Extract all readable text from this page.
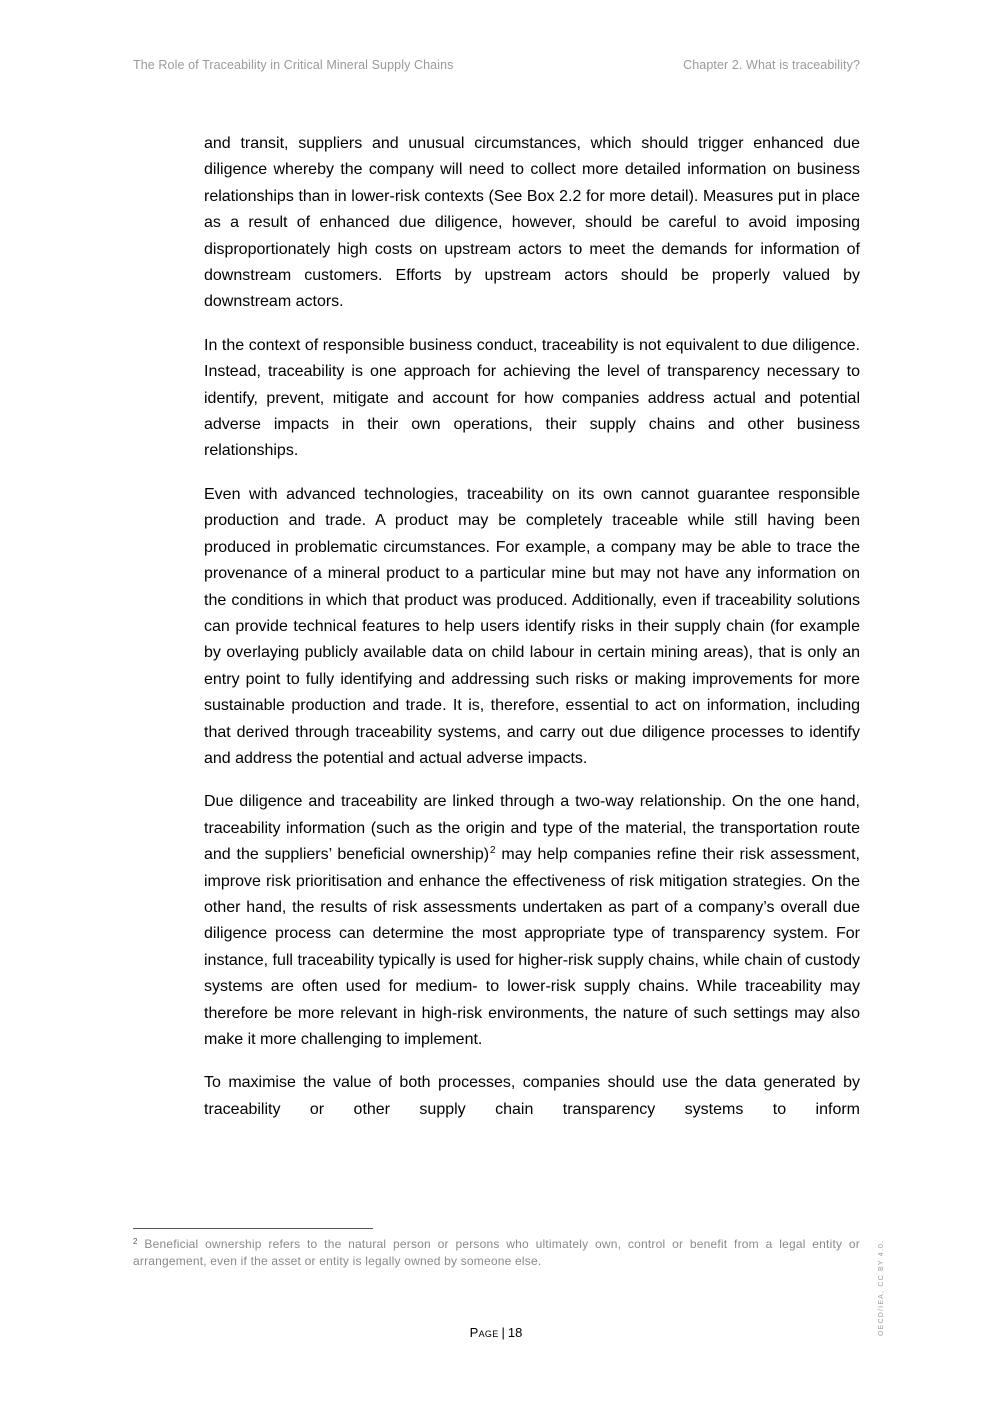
The Role of Traceability in Critical Mineral Supply Chains	Chapter 2. What is traceability?

and transit, suppliers and unusual circumstances, which should trigger enhanced due diligence whereby the company will need to collect more detailed information on business relationships than in lower-risk contexts (See Box 2.2 for more detail). Measures put in place as a result of enhanced due diligence, however, should be careful to avoid imposing disproportionately high costs on upstream actors to meet the demands for information of downstream customers. Efforts by upstream actors should be properly valued by downstream actors.

In the context of responsible business conduct, traceability is not equivalent to due diligence. Instead, traceability is one approach for achieving the level of transparency necessary to identify, prevent, mitigate and account for how companies address actual and potential adverse impacts in their own operations, their supply chains and other business relationships.

Even with advanced technologies, traceability on its own cannot guarantee responsible production and trade. A product may be completely traceable while still having been produced in problematic circumstances. For example, a company may be able to trace the provenance of a mineral product to a particular mine but may not have any information on the conditions in which that product was produced. Additionally, even if traceability solutions can provide technical features to help users identify risks in their supply chain (for example by overlaying publicly available data on child labour in certain mining areas), that is only an entry point to fully identifying and addressing such risks or making improvements for more sustainable production and trade. It is, therefore, essential to act on information, including that derived through traceability systems, and carry out due diligence processes to identify and address the potential and actual adverse impacts.

Due diligence and traceability are linked through a two-way relationship. On the one hand, traceability information (such as the origin and type of the material, the transportation route and the suppliers’ beneficial ownership)$^2$ may help companies refine their risk assessment, improve risk prioritisation and enhance the effectiveness of risk mitigation strategies. On the other hand, the results of risk assessments undertaken as part of a company’s overall due diligence process can determine the most appropriate type of transparency system. For instance, full traceability typically is used for higher-risk supply chains, while chain of custody systems are often used for medium- to lower-risk supply chains. While traceability may therefore be more relevant in high-risk environments, the nature of such settings may also make it more challenging to implement.

To maximise the value of both processes, companies should use the data generated by traceability or other supply chain transparency systems to inform

$^2$ Beneficial ownership refers to the natural person or persons who ultimately own, control or benefit from a legal entity or arrangement, even if the asset or entity is legally owned by someone else.	OECD/IEA, CC BY 4.0.
Page | 18
